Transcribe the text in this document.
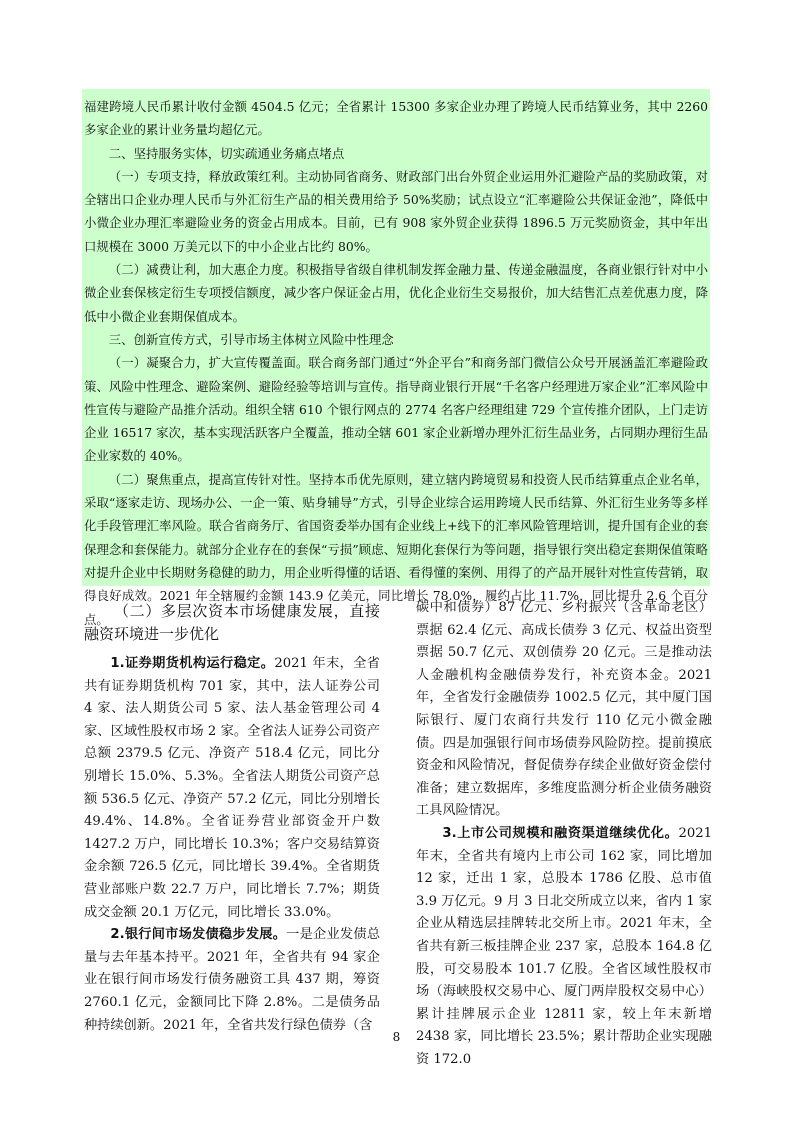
福建跨境人民币累计收付金额 4504.5 亿元；全省累计 15300 多家企业办理了跨境人民币结算业务，其中 2260 多家企业的累计业务量均超亿元。

二、坚持服务实体，切实疏通业务痛点堵点

（一）专项支持，释放政策红利。主动协同省商务、财政部门出台外贸企业运用外汇避险产品的奖励政策，对全辖出口企业办理人民币与外汇衍生产品的相关费用给予 50%奖励；试点设立“汇率避险公共保证金池”，降低中小微企业办理汇率避险业务的资金占用成本。目前，已有 908 家外贸企业获得 1896.5 万元奖励资金，其中年出口规模在 3000 万美元以下的中小企业占比约 80%。

（二）减费让利，加大惠企力度。积极指导省级自律机制发挥金融力量、传递金融温度，各商业银行针对中小微企业套保核定衍生专项授信额度，减少客户保证金占用，优化企业衍生交易报价，加大结售汇点差优惠力度，降低中小微企业套期保值成本。

三、创新宣传方式，引导市场主体树立风险中性理念

（一）凝聚合力，扩大宣传覆盖面。联合商务部门通过“外企平台”和商务部门微信公众号开展涵盖汇率避险政策、风险中性理念、避险案例、避险经验等培训与宣传。指导商业银行开展“千名客户经理进万家企业”汇率风险中性宣传与避险产品推介活动。组织全辖 610 个银行网点的 2774 名客户经理组建 729 个宣传推介团队，上门走访企业 16517 家次，基本实现活跃客户全覆盖，推动全辖 601 家企业新增办理外汇衍生品业务，占同期办理衍生品企业家数的 40%。

（二）聚焦重点，提高宣传针对性。坚持本币优先原则，建立辖内跨境贸易和投资人民币结算重点企业名单，采取“逐家走访、现场办公、一企一策、贴身辅导”方式，引导企业综合运用跨境人民币结算、外汇衍生业务等多样化手段管理汇率风险。联合省商务厅、省国资委举办国有企业线上+线下的汇率风险管理培训，提升国有企业的套保理念和套保能力。就部分企业存在的套保“亏损”顾虑、短期化套保行为等问题，指导银行突出稳定套期保值策略对提升企业中长期财务稳健的助力，用企业听得懂的话语、看得懂的案例、用得了的产品开展针对性宣传营销，取得良好成效。2021 年全辖履约金额 143.9 亿美元，同比增长 78.0%，履约占比 11.7%，同比提升 2.6 个百分点。 （二）多层次资本市场健康发展，直接融资环境进一步优化

1.证券期货机构运行稳定。2021 年末，全省共有证券期货机构 701 家，其中，法人证券公司 4 家、法人期货公司 5 家、法人基金管理公司 4 家、区域性股权市场 2 家。全省法人证券公司资产总额 2379.5 亿元、净资产 518.4 亿元，同比分别增长 15.0%、5.3%。全省法人期货公司资产总额 536.5 亿元、净资产 57.2 亿元，同比分别增长 49.4%、14.8%。全省证券营业部资金开户数 1427.2 万户，同比增长 10.3%；客户交易结算资金余额 726.5 亿元，同比增长 39.4%。全省期货营业部账户数 22.7 万户，同比增长 7.7%；期货成交金额 20.1 万亿元，同比增长 33.0%。

2.银行间市场发债稳步发展。一是企业发债总量与去年基本持平。2021 年，全省共有 94 家企业在银行间市场发行债务融资工具 437 期，筹资 2760.1 亿元，金额同比下降 2.8%。二是债务品种持续创新。2021 年，全省共发行绿色债券（含

碳中和债券）87 亿元、乡村振兴（含革命老区）票据 62.4 亿元、高成长债券 3 亿元、权益出资型票据 50.7 亿元、双创债券 20 亿元。三是推动法人金融机构金融债券发行，补充资本金。2021 年，全省发行金融债券 1002.5 亿元，其中厦门国际银行、厦门农商行共发行 110 亿元小微金融债。四是加强银行间市场债券风险防控。提前摸底资金和风险情况，督促债券存续企业做好资金偿付准备；建立数据库，多维度监测分析企业债务融资工具风险情况。

3.上市公司规模和融资渠道继续优化。2021 年末，全省共有境内上市公司 162 家，同比增加 12 家，迁出 1 家，总股本 1786 亿股、总市值 3.9 万亿元。9 月 3 日北交所成立以来，省内 1 家企业从精选层挂牌转北交所上市。2021 年末，全省共有新三板挂牌企业 237 家，总股本 164.8 亿股，可交易股本 101.7 亿股。全省区域性股权市场（海峡股权交易中心、厦门两岸股权交易中心）累计挂牌展示企业 12811 家，较上年末新增 2438 家，同比增长 23.5%；累计帮助企业实现融资 172.0

8
